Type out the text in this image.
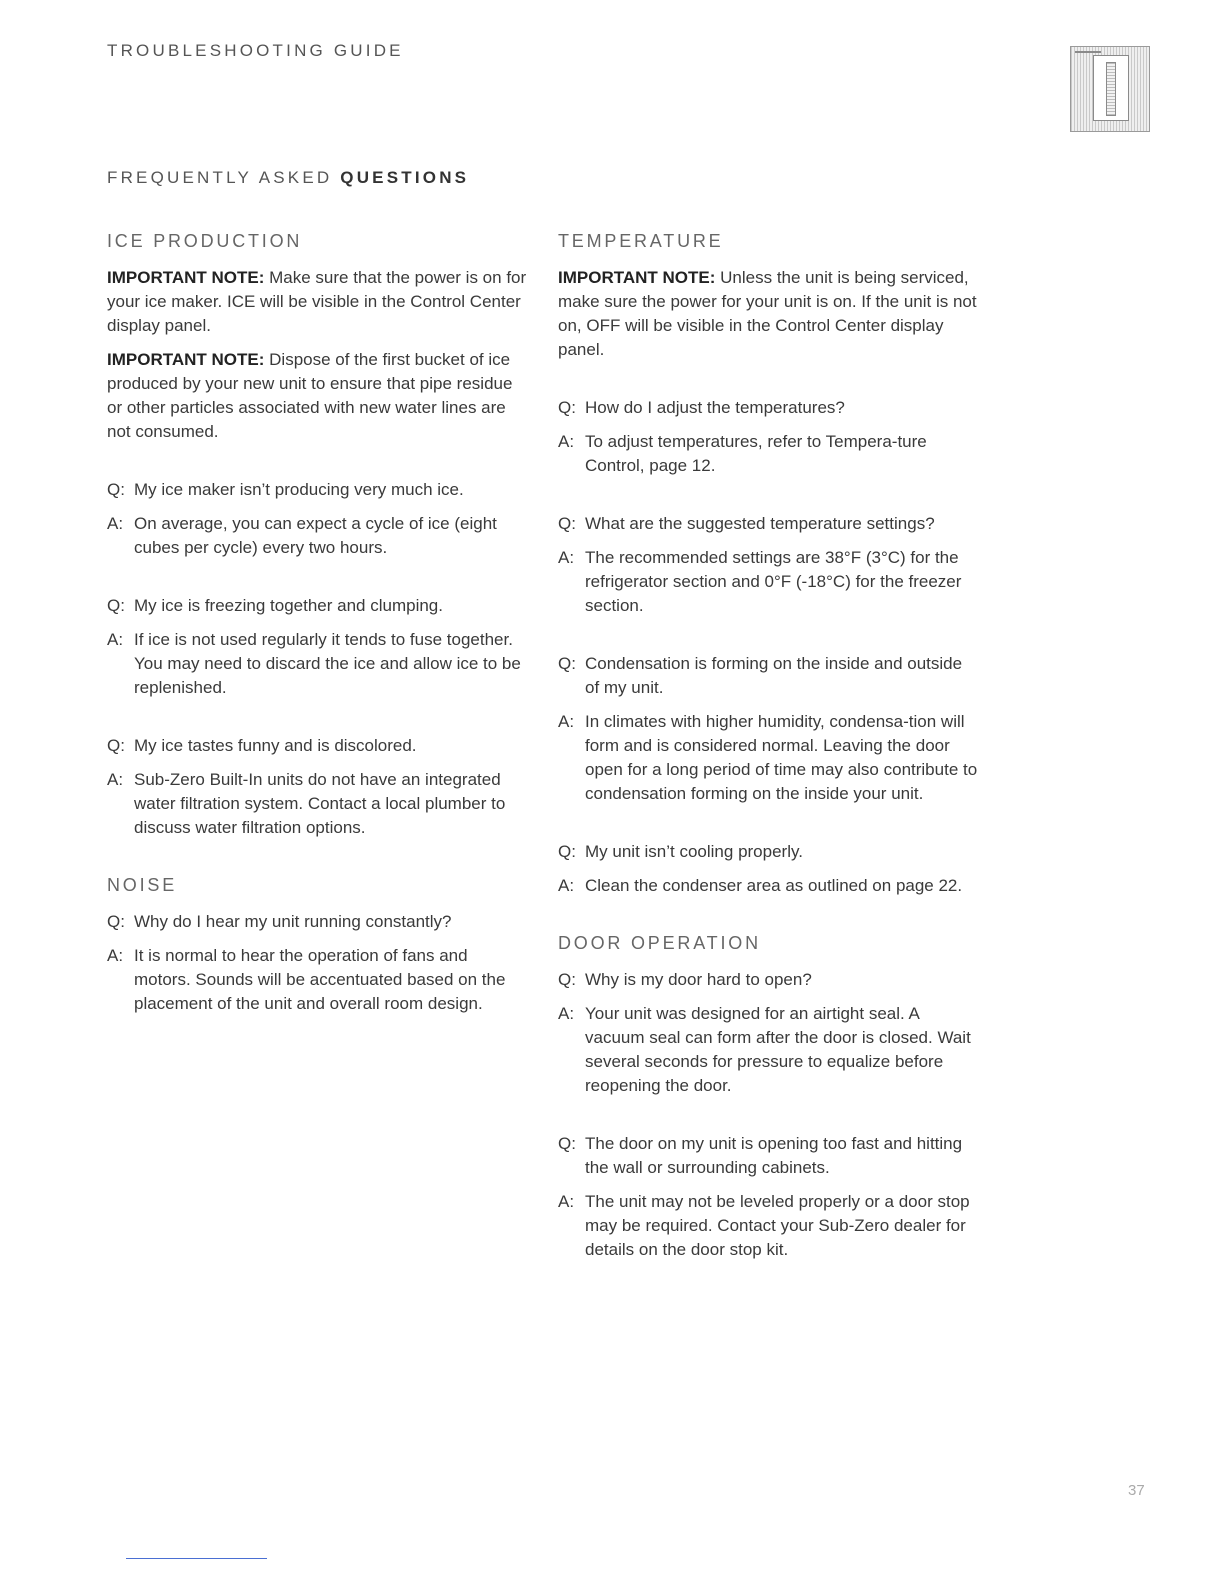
TROUBLESHOOTING GUIDE
FREQUENTLY ASKED QUESTIONS
ICE PRODUCTION

IMPORTANT NOTE: Make sure that the power is on for your ice maker. ICE will be visible in the Control Center display panel.

IMPORTANT NOTE: Dispose of the first bucket of ice produced by your new unit to ensure that pipe residue or other particles associated with new water lines are not consumed.

Q: My ice maker isn’t producing very much ice.

A: On average, you can expect a cycle of ice (eight cubes per cycle) every two hours.

Q: My ice is freezing together and clumping.

A: If ice is not used regularly it tends to fuse together. You may need to discard the ice and allow ice to be replenished.

Q: My ice tastes funny and is discolored.

A: Sub-Zero Built-In units do not have an integrated water filtration system. Contact a local plumber to discuss water filtration options.

NOISE

Q: Why do I hear my unit running constantly?

A: It is normal to hear the operation of fans and motors. Sounds will be accentuated based on the placement of the unit and overall room design.

TEMPERATURE

IMPORTANT NOTE: Unless the unit is being serviced, make sure the power for your unit is on. If the unit is not on, OFF will be visible in the Control Center display panel.

Q: How do I adjust the temperatures?

A: To adjust temperatures, refer to Tempera-ture Control, page 12.

Q: What are the suggested temperature settings?

A: The recommended settings are 38°F (3°C) for the refrigerator section and 0°F (-18°C) for the freezer section.

Q: Condensation is forming on the inside and outside of my unit.

A: In climates with higher humidity, condensa-tion will form and is considered normal. Leaving the door open for a long period of time may also contribute to condensation forming on the inside your unit.

Q: My unit isn’t cooling properly.

A: Clean the condenser area as outlined on page 22.

DOOR OPERATION

Q: Why is my door hard to open?

A: Your unit was designed for an airtight seal. A vacuum seal can form after the door is closed. Wait several seconds for pressure to equalize before reopening the door.

Q: The door on my unit is opening too fast and hitting the wall or surrounding cabinets.

A: The unit may not be leveled properly or a door stop may be required. Contact your Sub-Zero dealer for details on the door stop kit.

37
